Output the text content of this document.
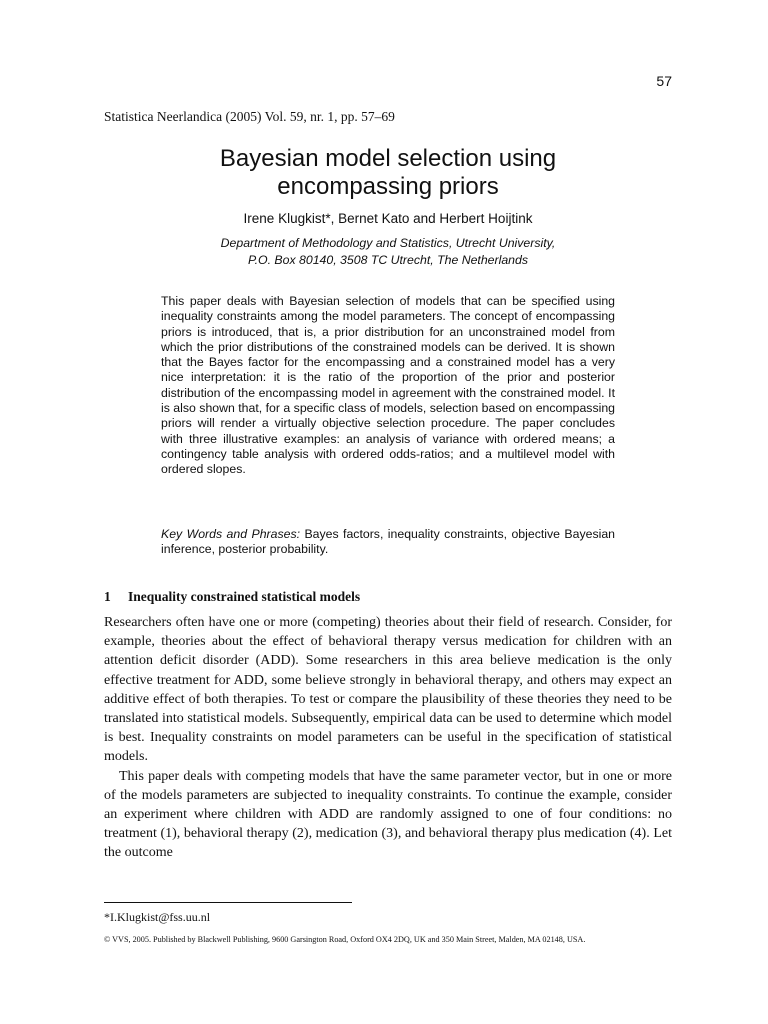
57
Statistica Neerlandica (2005) Vol. 59, nr. 1, pp. 57–69
Bayesian model selection using
encompassing priors
Irene Klugkist*, Bernet Kato and Herbert Hoijtink
Department of Methodology and Statistics, Utrecht University,
P.O. Box 80140, 3508 TC Utrecht, The Netherlands

This paper deals with Bayesian selection of models that can be specified using inequality constraints among the model parameters. The concept of encompassing priors is introduced, that is, a prior distribution for an unconstrained model from which the prior distributions of the constrained models can be derived. It is shown that the Bayes factor for the encompassing and a constrained model has a very nice interpretation: it is the ratio of the proportion of the prior and posterior distribution of the encompassing model in agreement with the constrained model. It is also shown that, for a specific class of models, selection based on encompassing priors will render a virtually objective selection procedure. The paper concludes with three illustrative examples: an analysis of variance with ordered means; a contingency table analysis with ordered odds-ratios; and a multilevel model with ordered slopes.

Key Words and Phrases: Bayes factors, inequality constraints, objective Bayesian inference, posterior probability.

1 Inequality constrained statistical models

Researchers often have one or more (competing) theories about their field of research. Consider, for example, theories about the effect of behavioral therapy versus medication for children with an attention deficit disorder (ADD). Some researchers in this area believe medication is the only effective treatment for ADD, some believe strongly in behavioral therapy, and others may expect an additive effect of both therapies. To test or compare the plausibility of these theories they need to be translated into statistical models. Subsequently, empirical data can be used to determine which model is best. Inequality constraints on model parameters can be useful in the specification of statistical models.

This paper deals with competing models that have the same parameter vector, but in one or more of the models parameters are subjected to inequality constraints. To continue the example, consider an experiment where children with ADD are randomly assigned to one of four conditions: no treatment (1), behavioral therapy (2), medication (3), and behavioral therapy plus medication (4). Let the outcome

*I.Klugkist@fss.uu.nl
© VVS, 2005. Published by Blackwell Publishing, 9600 Garsington Road, Oxford OX4 2DQ, UK and 350 Main Street, Malden, MA 02148, USA.
